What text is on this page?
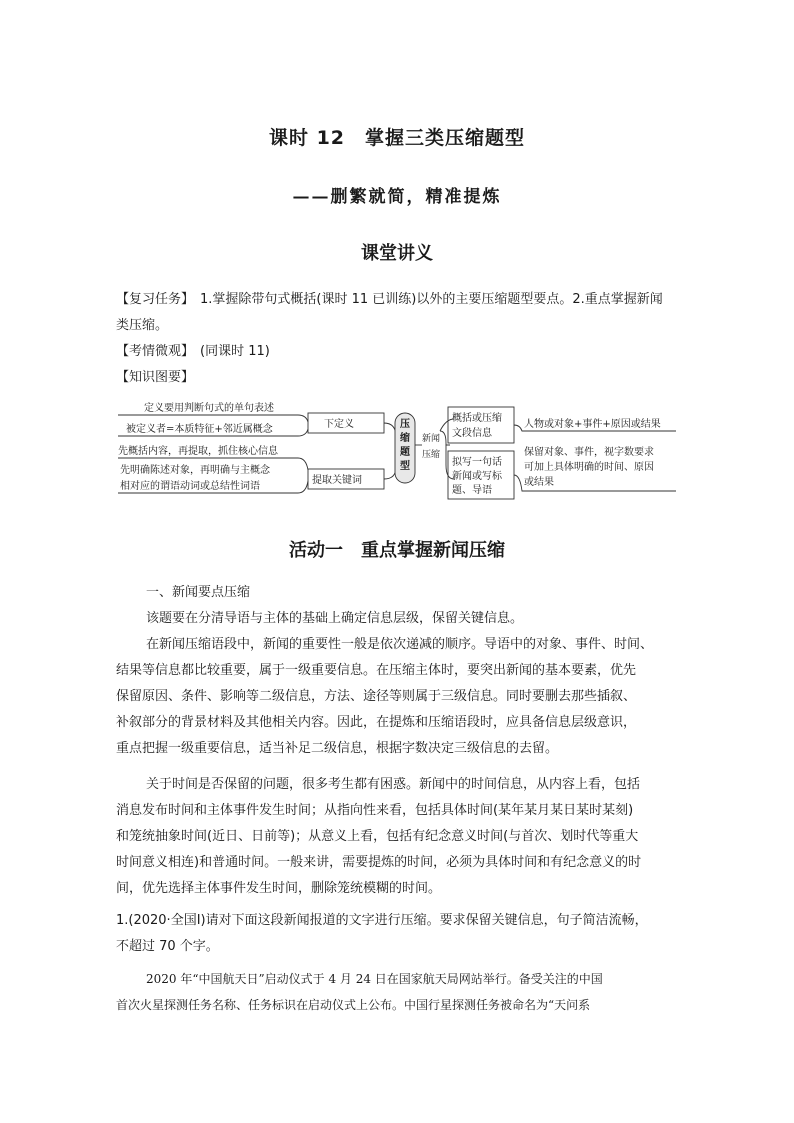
课时 12　掌握三类压缩题型
——删繁就简，精准提炼
课堂讲义
【复习任务】 1.掌握除带句式概括(课时 11 已训练)以外的主要压缩题型要点。2.重点掌握新闻
类压缩。
【考情微观】 (同课时 11)
【知识图要】
定义要用判断句式的单句表述
被定义者=本质特征+邻近属概念
先概括内容，再提取，抓住核心信息
先明确陈述对象，再明确与主概念
相对应的谓语动词或总结性词语
下定义
提取关键词
压 缩 题 型
新闻
压缩
概括或压缩
文段信息
拟写一句话
新闻或写标
题、导语
人物或对象+事件+原因或结果
保留对象、事件，视字数要求
可加上具体明确的时间、原因
或结果
活动一　重点掌握新闻压缩
一、新闻要点压缩
该题要在分清导语与主体的基础上确定信息层级，保留关键信息。
在新闻压缩语段中，新闻的重要性一般是依次递减的顺序。导语中的对象、事件、时间、
结果等信息都比较重要，属于一级重要信息。在压缩主体时，要突出新闻的基本要素，优先
保留原因、条件、影响等二级信息，方法、途径等则属于三级信息。同时要删去那些插叙、
补叙部分的背景材料及其他相关内容。因此，在提炼和压缩语段时，应具备信息层级意识，
重点把握一级重要信息，适当补足二级信息，根据字数决定三级信息的去留。
关于时间是否保留的问题，很多考生都有困惑。新闻中的时间信息，从内容上看，包括
消息发布时间和主体事件发生时间；从指向性来看，包括具体时间(某年某月某日某时某刻)
和笼统抽象时间(近日、日前等)；从意义上看，包括有纪念意义时间(与首次、划时代等重大
时间意义相连)和普通时间。一般来讲，需要提炼的时间，必须为具体时间和有纪念意义的时
间，优先选择主体事件发生时间，删除笼统模糊的时间。
1.(2020·全国Ⅰ)请对下面这段新闻报道的文字进行压缩。要求保留关键信息，句子简洁流畅，
不超过 70 个字。
2020 年“中国航天日”启动仪式于 4 月 24 日在国家航天局网站举行。备受关注的中国
首次火星探测任务名称、任务标识在启动仪式上公布。中国行星探测任务被命名为“天问系
